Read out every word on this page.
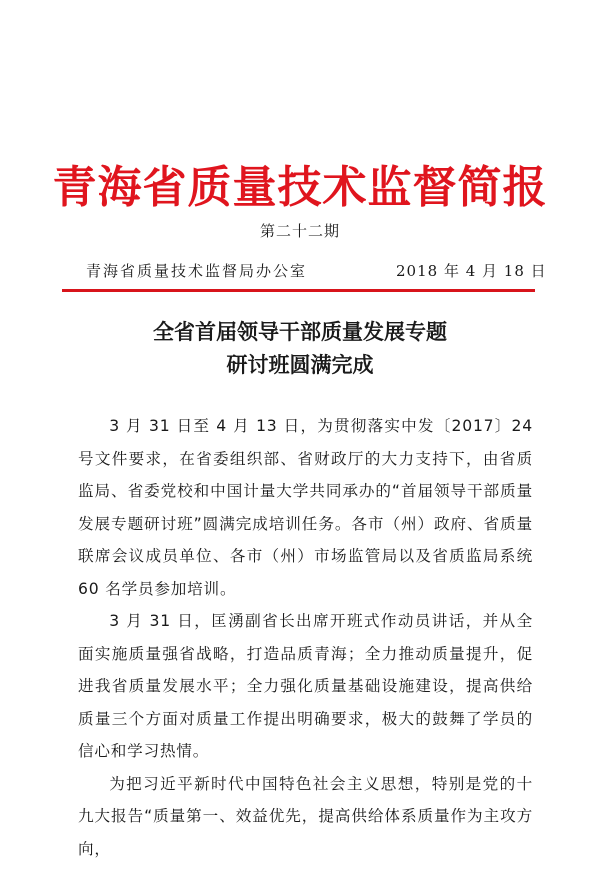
青海省质量技术监督简报
第二十二期
青海省质量技术监督局办公室	2018 年 4 月 18 日
全省首届领导干部质量发展专题
研讨班圆满完成

3 月 31 日至 4 月 13 日，为贯彻落实中发〔2017〕24 号文件要求，在省委组织部、省财政厅的大力支持下，由省质监局、省委党校和中国计量大学共同承办的“首届领导干部质量发展专题研讨班”圆满完成培训任务。各市（州）政府、省质量联席会议成员单位、各市（州）市场监管局以及省质监局系统 60 名学员参加培训。

3 月 31 日，匡湧副省长出席开班式作动员讲话，并从全面实施质量强省战略，打造品质青海；全力推动质量提升，促进我省质量发展水平；全力强化质量基础设施建设，提高供给质量三个方面对质量工作提出明确要求，极大的鼓舞了学员的信心和学习热情。

为把习近平新时代中国特色社会主义思想，特别是党的十九大报告“质量第一、效益优先，提高供给体系质量作为主攻方向，
